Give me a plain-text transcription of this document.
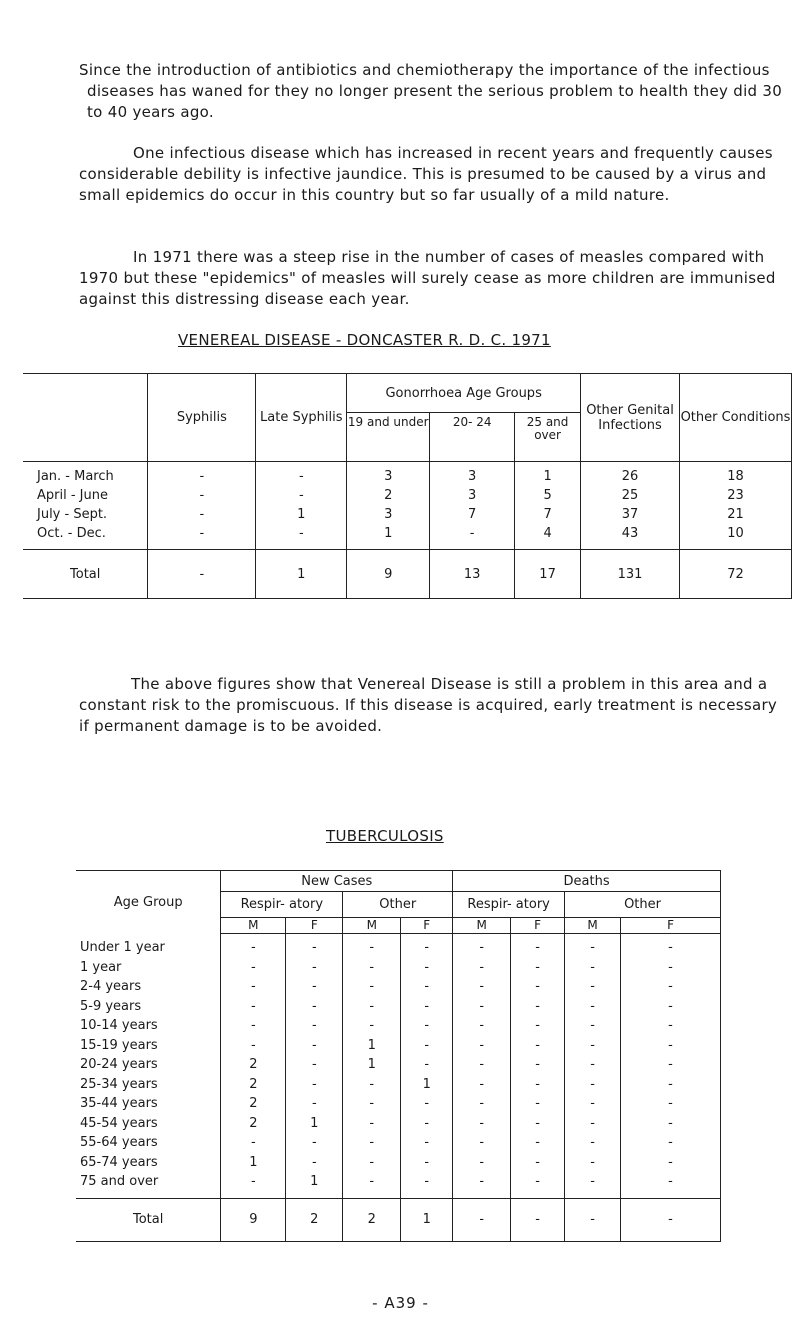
Since the introduction of antibiotics and chemiotherapy the importance of the infectious diseases has waned for they no longer present the serious problem to health they did 30 to 40 years ago.

One infectious disease which has increased in recent years and frequently causes considerable debility is infective jaundice. This is presumed to be caused by a virus and small epidemics do occur in this country but so far usually of a mild nature.

In 1971 there was a steep rise in the number of cases of measles compared with 1970 but these "epidemics" of measles will surely cease as more children are immunised against this distressing disease each year.

VENEREAL DISEASE - DONCASTER R. D. C. 1971

	Syphilis	Late Syphilis	Gonorrhoea Age Groups			Other Genital Infections	Other Conditions
			19 and under	20- 24	25 and over		
Jan. - March	-	-	3	3	1	26	18
April - June	-	-	2	3	5	25	23
July - Sept.	-	1	3	7	7	37	21
Oct. - Dec.	-	-	1	-	4	43	10
Total	-	1	9	13	17	131	72

The above figures show that Venereal Disease is still a problem in this area and a constant risk to the promiscuous. If this disease is acquired, early treatment is necessary if permanent damage is to be avoided.

TUBERCULOSIS

Age Group	New Cases				Deaths			
	Respir- atory		Other		Respir- atory		Other	
	M	F	M	F	M	F	M	F
Under 1 year	-	-	-	-	-	-	-	-
1 year	-	-	-	-	-	-	-	-
2-4 years	-	-	-	-	-	-	-	-
5-9 years	-	-	-	-	-	-	-	-
10-14 years	-	-	-	-	-	-	-	-
15-19 years	-	-	1	-	-	-	-	-
20-24 years	2	-	1	-	-	-	-	-
25-34 years	2	-	-	1	-	-	-	-
35-44 years	2	-	-	-	-	-	-	-
45-54 years	2	1	-	-	-	-	-	-
55-64 years	-	-	-	-	-	-	-	-
65-74 years	1	-	-	-	-	-	-	-
75 and over	-	1	-	-	-	-	-	-
Total	9	2	2	1	-	-	-	-
- A39 -
